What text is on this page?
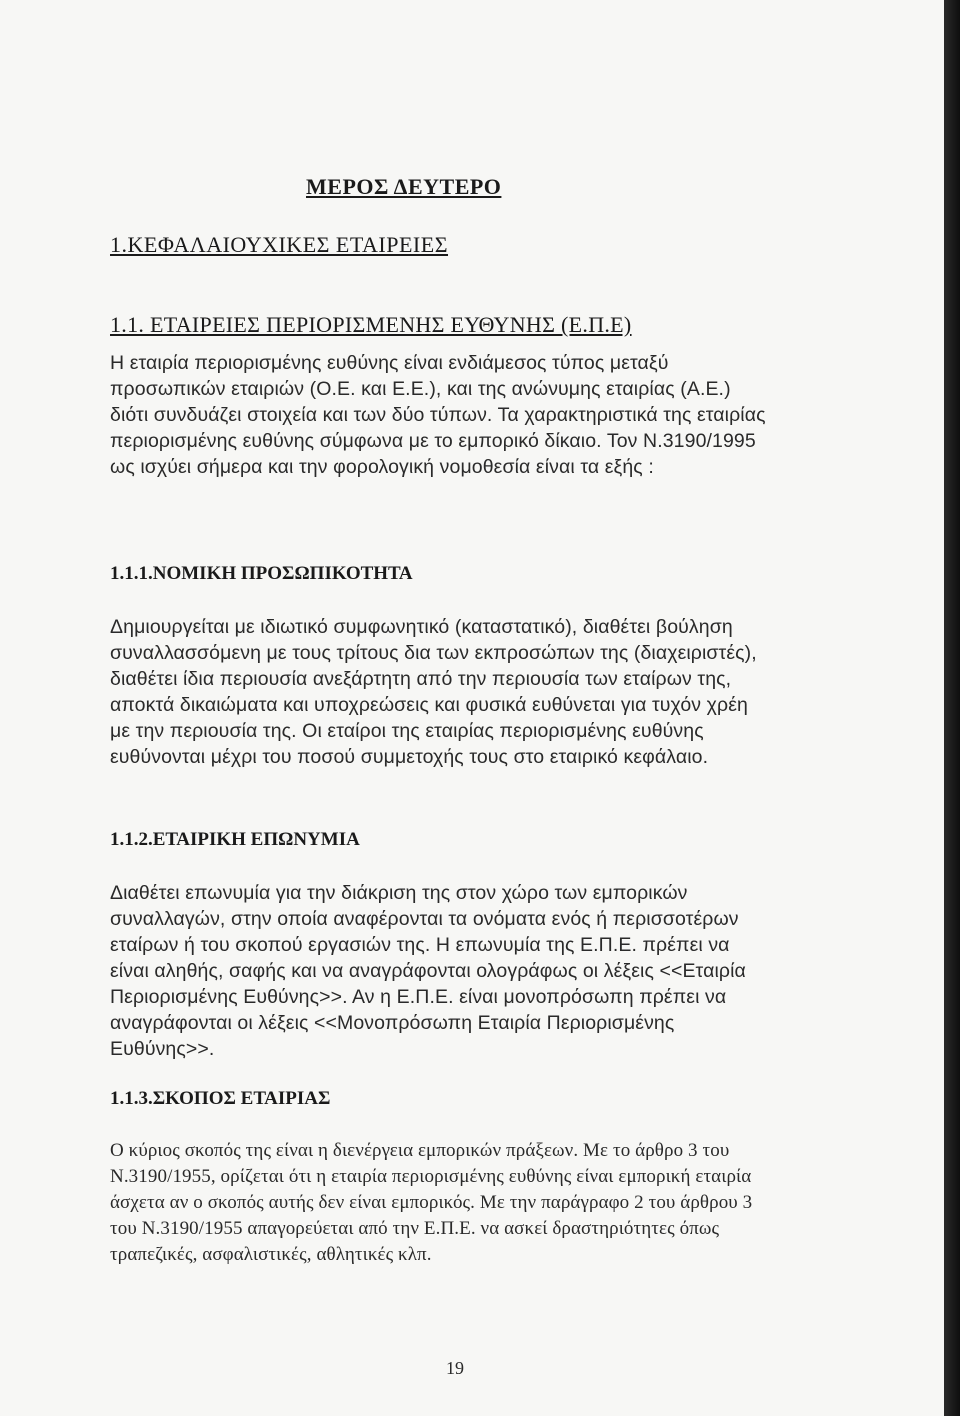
ΜΕΡΟΣ ΔΕΥΤΕΡΟ
1.ΚΕΦΑΛΑΙΟΥΧΙΚΕΣ ΕΤΑΙΡΕΙΕΣ
1.1. ΕΤΑΙΡΕΙΕΣ ΠΕΡΙΟΡΙΣΜΕΝΗΣ ΕΥΘΥΝΗΣ (Ε.Π.Ε)
Η εταιρία περιορισμένης ευθύνης είναι ενδιάμεσος τύπος μεταξύ προσωπικών εταιριών (Ο.Ε. και Ε.Ε.), και της ανώνυμης εταιρίας (Α.Ε.) διότι συνδυάζει στοιχεία και των δύο τύπων. Τα χαρακτηριστικά της εταιρίας περιορισμένης ευθύνης σύμφωνα με το εμπορικό δίκαιο. Τον Ν.3190/1995 ως ισχύει σήμερα και την φορολογική νομοθεσία είναι τα εξής :
1.1.1.ΝΟΜΙΚΗ ΠΡΟΣΩΠΙΚΟΤΗΤΑ
Δημιουργείται με ιδιωτικό συμφωνητικό (καταστατικό), διαθέτει βούληση συναλλασσόμενη με τους τρίτους δια των εκπροσώπων της (διαχειριστές), διαθέτει ίδια περιουσία ανεξάρτητη από την περιουσία των εταίρων της, αποκτά δικαιώματα και υποχρεώσεις και φυσικά ευθύνεται για τυχόν χρέη με την περιουσία της. Οι εταίροι της εταιρίας περιορισμένης ευθύνης ευθύνονται μέχρι του ποσού συμμετοχής τους στο εταιρικό κεφάλαιο.
1.1.2.ΕΤΑΙΡΙΚΗ ΕΠΩΝΥΜΙΑ
Διαθέτει επωνυμία για την διάκριση της στον χώρο των εμπορικών συναλλαγών, στην οποία αναφέρονται τα ονόματα ενός ή περισσοτέρων εταίρων ή του σκοπού εργασιών της. Η επωνυμία της Ε.Π.Ε. πρέπει να είναι αληθής, σαφής και να αναγράφονται ολογράφως οι λέξεις <<Εταιρία Περιορισμένης Ευθύνης>>. Αν η Ε.Π.Ε. είναι μονοπρόσωπη πρέπει να αναγράφονται οι λέξεις <<Μονοπρόσωπη Εταιρία Περιορισμένης Ευθύνης>>.
1.1.3.ΣΚΟΠΟΣ ΕΤΑΙΡΙΑΣ
Ο κύριος σκοπός της είναι η διενέργεια εμπορικών πράξεων. Με το άρθρο 3 του Ν.3190/1955, ορίζεται ότι η εταιρία περιορισμένης ευθύνης είναι εμπορική εταιρία άσχετα αν ο σκοπός αυτής δεν είναι εμπορικός. Με την παράγραφο 2 του άρθρου 3 του Ν.3190/1955 απαγορεύεται από την Ε.Π.Ε. να ασκεί δραστηριότητες όπως τραπεζικές, ασφαλιστικές, αθλητικές κλπ.
19
